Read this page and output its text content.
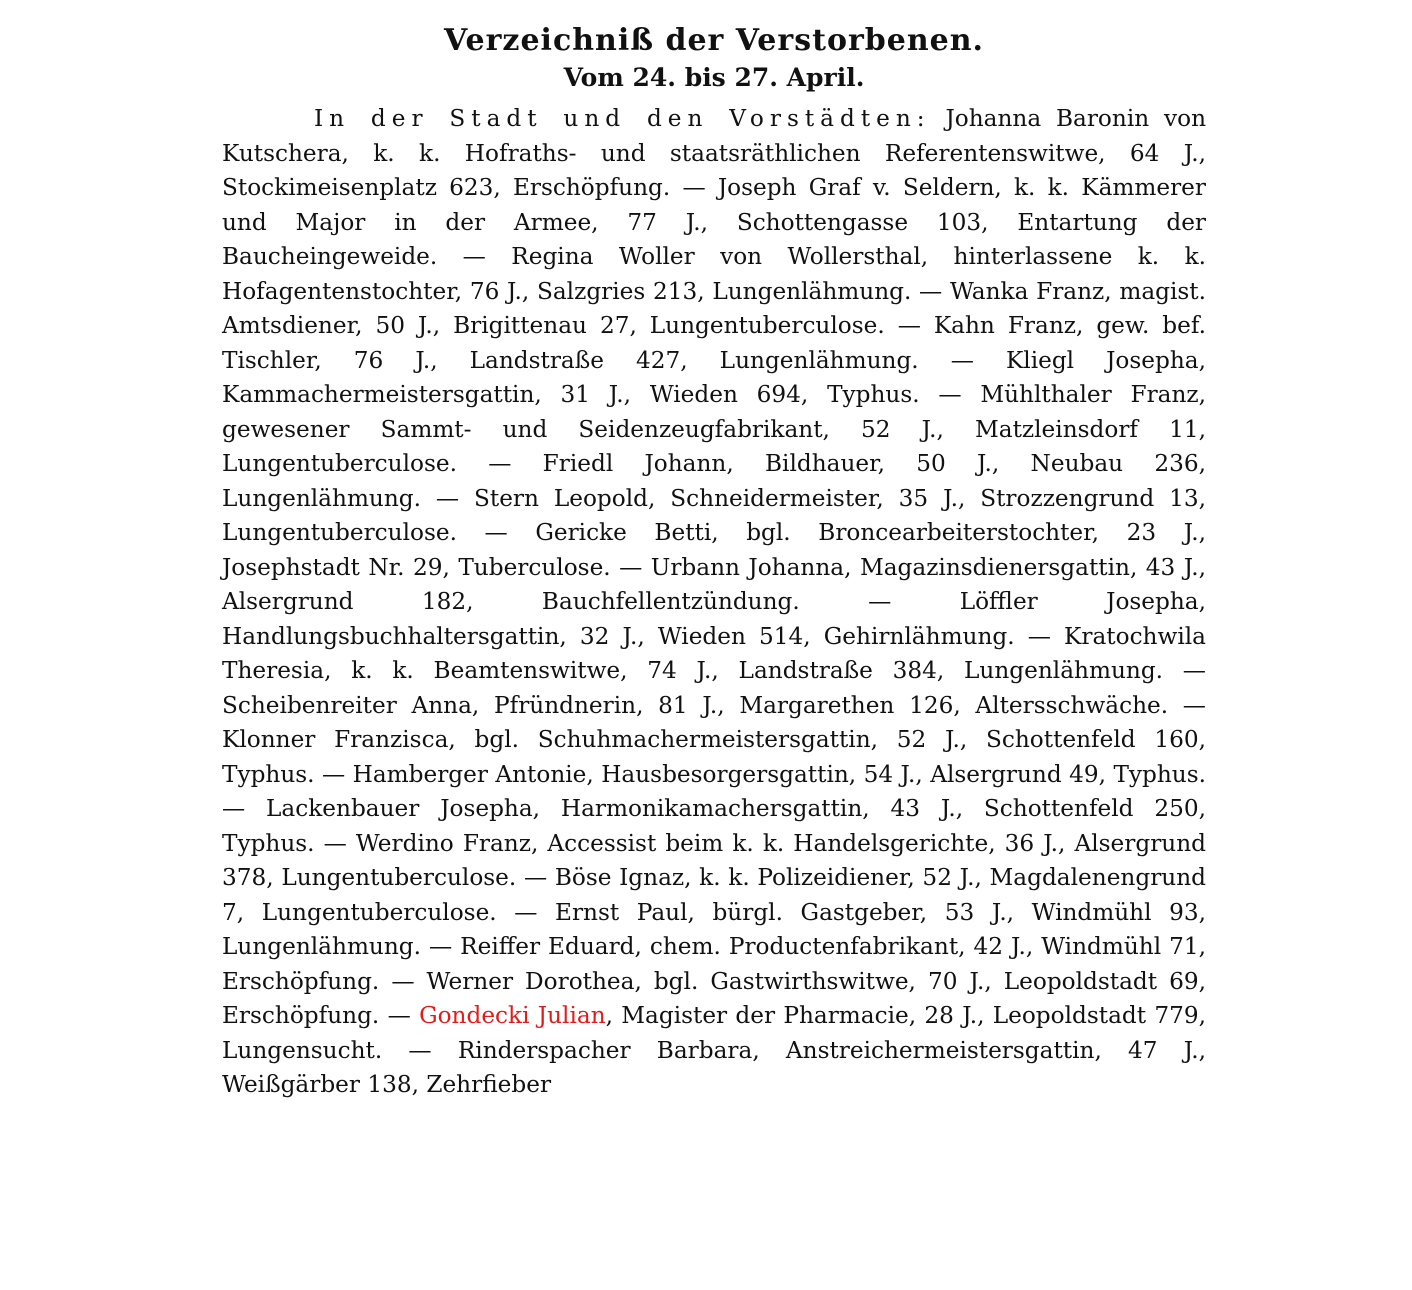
Verzeichniß der Verstorbenen.
Vom 24. bis 27. April.

In der Stadt und den Vorstädten: Johanna Baronin von Kutschera, k. k. Hofraths- und staatsräthlichen Referentenswitwe, 64 J., Stockimeisenplatz 623, Erschöpfung. — Joseph Graf v. Seldern, k. k. Kämmerer und Major in der Armee, 77 J., Schottengasse 103, Entartung der Baucheingeweide. — Regina Woller von Wollersthal, hinterlassene k. k. Hofagentenstochter, 76 J., Salzgries 213, Lungenlähmung. — Wanka Franz, magist. Amtsdiener, 50 J., Brigittenau 27, Lungentuberculose. — Kahn Franz, gew. bef. Tischler, 76 J., Landstraße 427, Lungenlähmung. — Kliegl Josepha, Kammachermeistersgattin, 31 J., Wieden 694, Typhus. — Mühlthaler Franz, gewesener Sammt- und Seidenzeugfabrikant, 52 J., Matzleinsdorf 11, Lungentuberculose. — Friedl Johann, Bildhauer, 50 J., Neubau 236, Lungenlähmung. — Stern Leopold, Schneidermeister, 35 J., Strozzengrund 13, Lungentuberculose. — Gericke Betti, bgl. Broncearbeiterstochter, 23 J., Josephstadt Nr. 29, Tuberculose. — Urbann Johanna, Magazinsdienersgattin, 43 J., Alsergrund 182, Bauchfellentzündung. — Löffler Josepha, Handlungsbuchhaltersgattin, 32 J., Wieden 514, Gehirnlähmung. — Kratochwila Theresia, k. k. Beamtenswitwe, 74 J., Landstraße 384, Lungenlähmung. — Scheibenreiter Anna, Pfründnerin, 81 J., Margarethen 126, Altersschwäche. — Klonner Franzisca, bgl. Schuhmachermeistersgattin, 52 J., Schottenfeld 160, Typhus. — Hamberger Antonie, Hausbesorgersgattin, 54 J., Alsergrund 49, Typhus. — Lackenbauer Josepha, Harmonikamachersgattin, 43 J., Schottenfeld 250, Typhus. — Werdino Franz, Accessist beim k. k. Handelsgerichte, 36 J., Alsergrund 378, Lungentuberculose. — Böse Ignaz, k. k. Polizeidiener, 52 J., Magdalenengrund 7, Lungentuberculose. — Ernst Paul, bürgl. Gastgeber, 53 J., Windmühl 93, Lungenlähmung. — Reiffer Eduard, chem. Productenfabrikant, 42 J., Windmühl 71, Erschöpfung. — Werner Dorothea, bgl. Gastwirthswitwe, 70 J., Leopoldstadt 69, Erschöpfung. — Gondecki Julian, Magister der Pharmacie, 28 J., Leopoldstadt 779, Lungensucht. — Rinderspacher Barbara, Anstreichermeistersgattin, 47 J., Weißgärber 138, Zehrfieber
